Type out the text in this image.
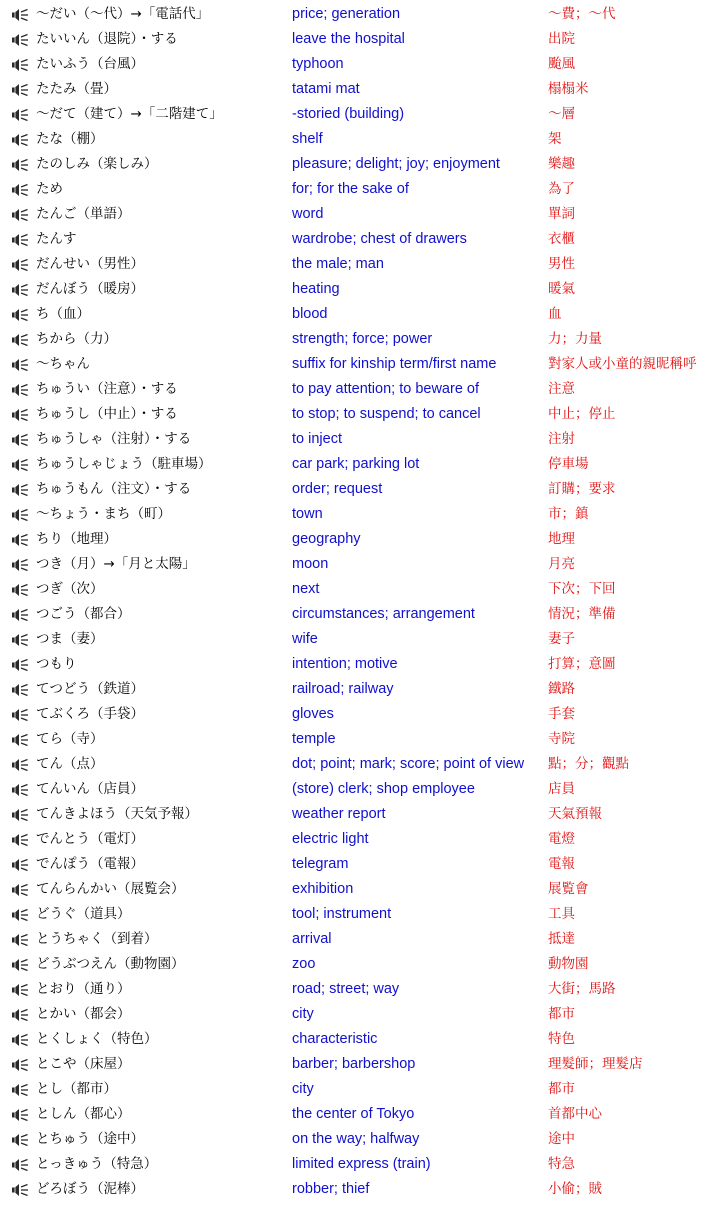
～だい（～代）→「電話代」	price; generation	～費；～代
たいいん（退院）・する	leave the hospital	出院
たいふう（台風）	typhoon	颱風
たたみ（畳）	tatami mat	榻榻米
～だて（建て）→「二階建て」	-storied (building)	～層
たな（棚）	shelf	架
たのしみ（楽しみ）	pleasure; delight; joy; enjoyment	樂趣
ため	for; for the sake of	為了
たんご（単語）	word	單詞
たんす	wardrobe; chest of drawers	衣櫃
だんせい（男性）	the male; man	男性
だんぼう（暖房）	heating	暖氣
ち（血）	blood	血
ちから（力）	strength; force; power	力；力量
～ちゃん	suffix for kinship term/first name	對家人或小童的親昵稱呼
ちゅうい（注意）・する	to pay attention; to beware of	注意
ちゅうし（中止）・する	to stop; to suspend; to cancel	中止；停止
ちゅうしゃ（注射）・する	to inject	注射
ちゅうしゃじょう（駐車場）	car park; parking lot	停車場
ちゅうもん（注文）・する	order; request	訂購；要求
～ちょう・まち（町）	town	市；鎮
ちり（地理）	geography	地理
つき（月）→「月と太陽」	moon	月亮
つぎ（次）	next	下次；下回
つごう（都合）	circumstances; arrangement	情況；準備
つま（妻）	wife	妻子
つもり	intention; motive	打算；意圖
てつどう（鉄道）	railroad; railway	鐵路
てぶくろ（手袋）	gloves	手套
てら（寺）	temple	寺院
てん（点）	dot; point; mark; score; point of view 點；分；觀點
てんいん（店員）	(store) clerk; shop employee	店員
てんきよほう（天気予報）	weather report	天氣預報
でんとう（電灯）	electric light	電燈
でんぽう（電報）	telegram	電報
てんらんかい（展覧会）	exhibition	展覧會
どうぐ（道具）	tool; instrument	工具
とうちゃく（到着）	arrival	抵達
どうぶつえん（動物園）	zoo	動物園
とおり（通り）	road; street; way	大街；馬路
とかい（都会）	city	都市
とくしょく（特色）	characteristic	特色
とこや（床屋）	barber; barbershop	理髮師；理髮店
とし（都市）	city	都市
としん（都心）	the center of Tokyo	首都中心
とちゅう（途中）	on the way; halfway	途中
とっきゅう（特急）	limited express (train)	特急
どろぼう（泥棒）	robber; thief	小偷；賊
